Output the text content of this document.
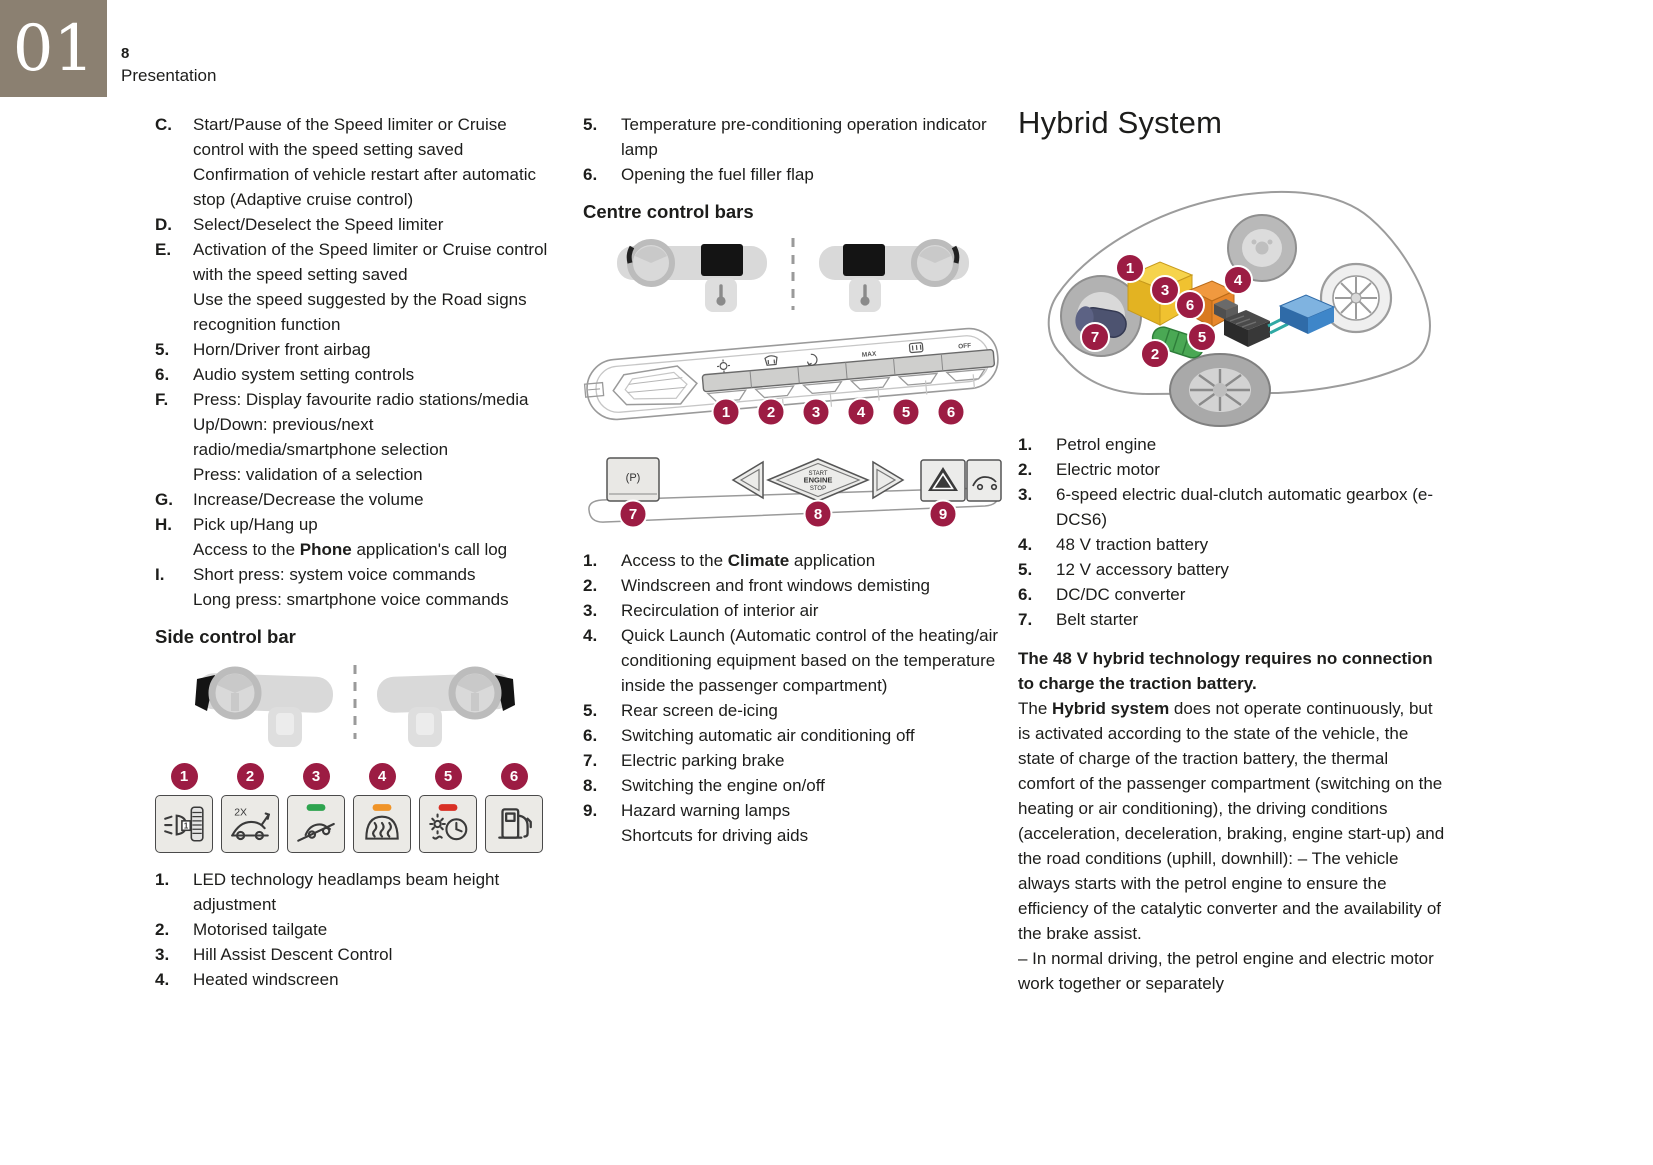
01 8
Presentation
C.	Start/Pause of the Speed limiter or Cruise control with the speed setting saved
Confirmation of vehicle restart after automatic stop (Adaptive cruise control)
D.	Select/Deselect the Speed limiter
E.	Activation of the Speed limiter or Cruise control with the speed setting saved
Use the speed suggested by the Road signs recognition function
5.	Horn/Driver front airbag
6.	Audio system setting controls
F.	Press: Display favourite radio stations/media
Up/Down: previous/next radio/media/smartphone selection
Press: validation of a selection
G.	Increase/Decrease the volume
H.	Pick up/Hang up
Access to the Phone application's call log
I.	Short press: system voice commands
Long press: smartphone voice commands
Side control bar
1	2	3	4	5	6
1
2X
1.	LED technology headlamps beam height adjustment
2.	Motorised tailgate
3.	Hill Assist Descent Control
4.	Heated windscreen
5.	Temperature pre-conditioning operation indicator lamp
6.	Opening the fuel filler flap
Centre control bars
MAX
OFF
1 2 3 4 5 6
(P)	START
ENGINE
STOP
7	8	9
1.	Access to the Climate application
2.	Windscreen and front windows demisting
3.	Recirculation of interior air
4.	Quick Launch (Automatic control of the heating/air conditioning equipment based on the temperature inside the passenger compartment)
5.	Rear screen de-icing
6.	Switching automatic air conditioning off
7.	Electric parking brake
8.	Switching the engine on/off
9.	Hazard warning lamps
Shortcuts for driving aids
Hybrid System
1
3
6
4
7
2
5
1.	Petrol engine
2.	Electric motor
3.	6-speed electric dual-clutch automatic gearbox (e-DCS6)
4.	48 V traction battery
5.	12 V accessory battery
6.	DC/DC converter
7.	Belt starter

The 48 V hybrid technology requires no connection to charge the traction battery.

The Hybrid system does not operate continuously, but is activated according to the state of the vehicle, the state of charge of the traction battery, the thermal comfort of the passenger compartment (switching on the heating or air conditioning), the driving conditions (acceleration, deceleration, braking, engine start-up) and the road conditions (uphill, downhill): – The vehicle always starts with the petrol engine to ensure the efficiency of the catalytic converter and the availability of the brake assist.

– In normal driving, the petrol engine and electric motor work together or separately
